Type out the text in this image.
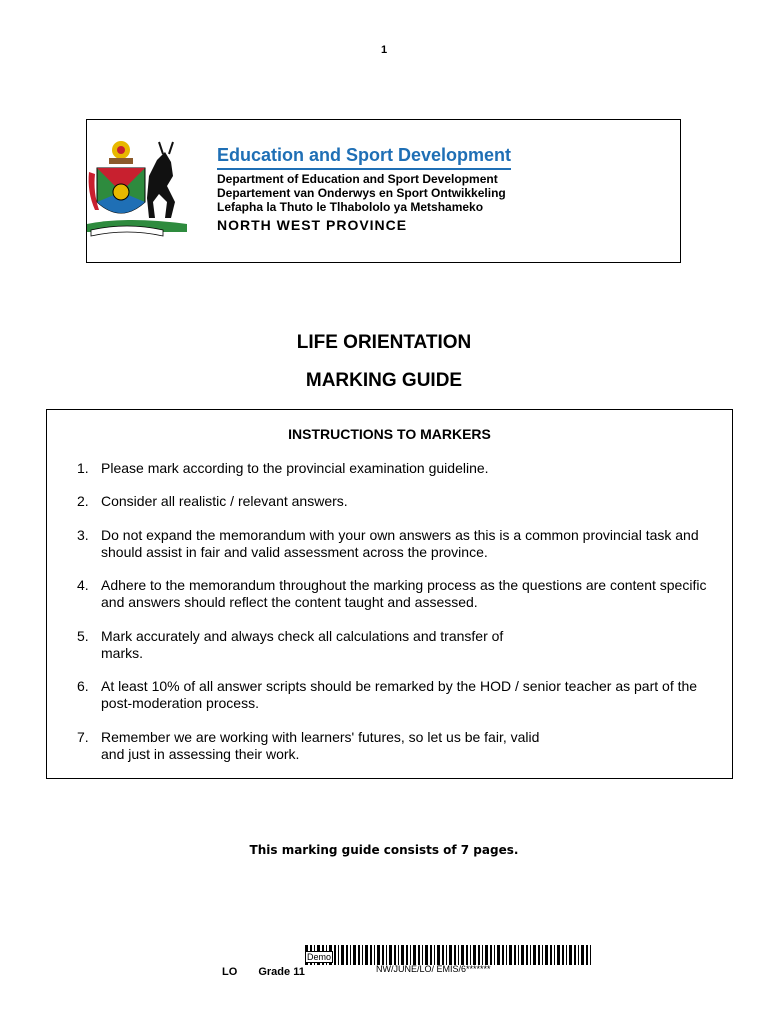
1
Education and Sport Development
Department of Education and Sport Development
Departement van Onderwys en Sport Ontwikkeling
Lefapha la Thuto le Tlhabololo ya Metshameko
NORTH WEST PROVINCE
LIFE ORIENTATION
MARKING GUIDE
INSTRUCTIONS TO MARKERS
1. Please mark according to the provincial examination guideline.
2. Consider all realistic / relevant answers.
3. Do not expand the memorandum with your own answers as this is a common provincial task and should assist in fair and valid assessment across the province.
4. Adhere to the memorandum throughout the marking process as the questions are content specific and answers should reflect the content taught and assessed.
5. Mark accurately and always check all calculations and transfer of marks.
6. At least 10% of all answer scripts should be remarked by the HOD / senior teacher as part of the post-moderation process.
7. Remember we are working with learners' futures, so let us be fair, valid and just in assessing their work.
This marking guide consists of 7 pages.
Demo
LO Grade 11	NW/JUNE/LO/ EMIS/6*******
